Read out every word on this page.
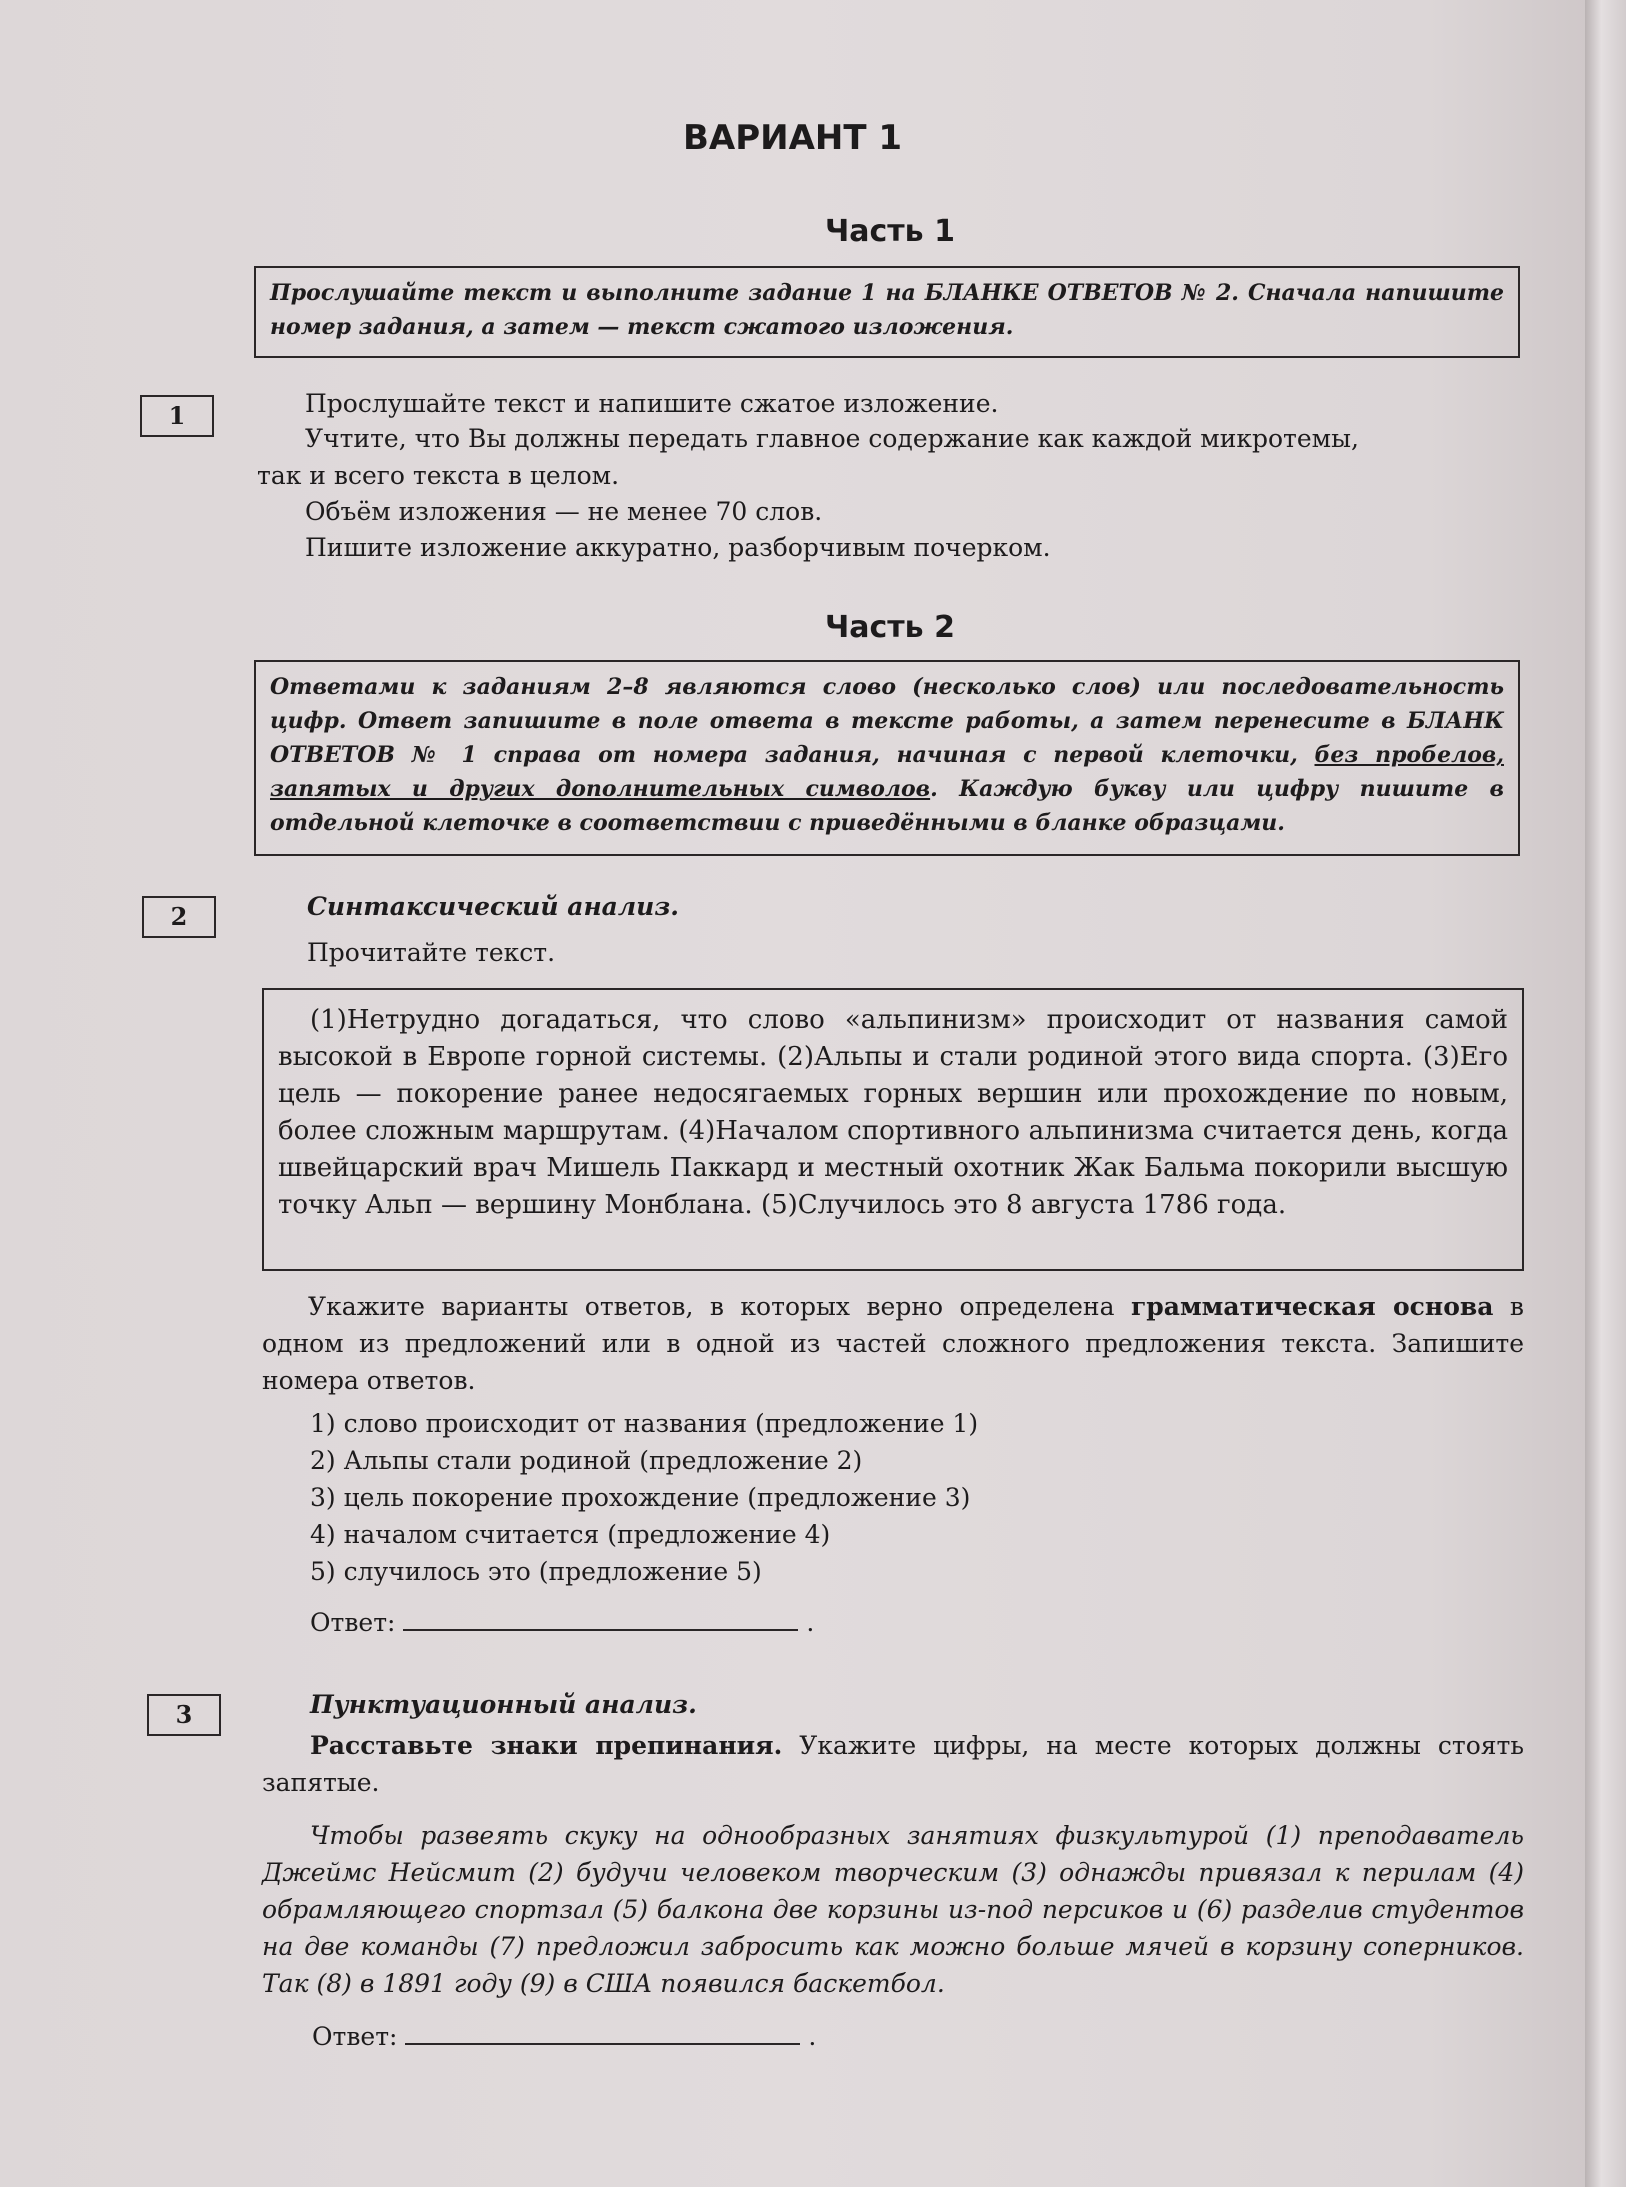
ВАРИАНТ 1
Часть 1
Прослушайте текст и выполните задание 1 на БЛАНКЕ ОТВЕТОВ № 2. Сначала напишите номер задания, а затем — текст сжатого изложения.
1	Прослушайте текст и напишите сжатое изложение.
Учтите, что Вы должны передать главное содержание как каждой микротемы,
так и всего текста в целом.
Объём изложения — не менее 70 слов.
Пишите изложение аккуратно, разборчивым почерком.
Часть 2
Ответами к заданиям 2–8 являются слово (несколько слов) или последовательность цифр. Ответ запишите в поле ответа в тексте работы, а затем перенесите в БЛАНК ОТВЕТОВ № 1 справа от номера задания, начиная с первой клеточки, без пробелов, запятых и других дополнительных символов. Каждую букву или цифру пишите в отдельной клеточке в соответствии с приведёнными в бланке образцами.
2	Синтаксический анализ.
Прочитайте текст.
(1)Нетрудно догадаться, что слово «альпинизм» происходит от названия самой высокой в Европе горной системы. (2)Альпы и стали родиной этого вида спорта. (3)Его цель — покорение ранее недосягаемых горных вершин или прохождение по новым, более сложным маршрутам. (4)Началом спортивного альпинизма считается день, когда швейцарский врач Мишель Паккард и местный охотник Жак Бальма покорили высшую точку Альп — вершину Монблана. (5)Случилось это 8 августа 1786 года.
Укажите варианты ответов, в которых верно определена грамматическая основа в одном из предложений или в одной из частей сложного предложения текста. Запишите номера ответов.
1) слово происходит от названия (предложение 1)
2) Альпы стали родиной (предложение 2)
3) цель покорение прохождение (предложение 3)
4) началом считается (предложение 4)
5) случилось это (предложение 5)
Ответ:	.
3	Пунктуационный анализ.
Расставьте знаки препинания. Укажите цифры, на месте которых должны стоять запятые.
Чтобы развеять скуку на однообразных занятиях физкультурой (1) преподаватель Джеймс Нейсмит (2) будучи человеком творческим (3) однажды привязал к перилам (4) обрамляющего спортзал (5) балкона две корзины из-под персиков и (6) разделив студентов на две команды (7) предложил забросить как можно больше мячей в корзину соперников. Так (8) в 1891 году (9) в США появился баскетбол.
Ответ:	.
